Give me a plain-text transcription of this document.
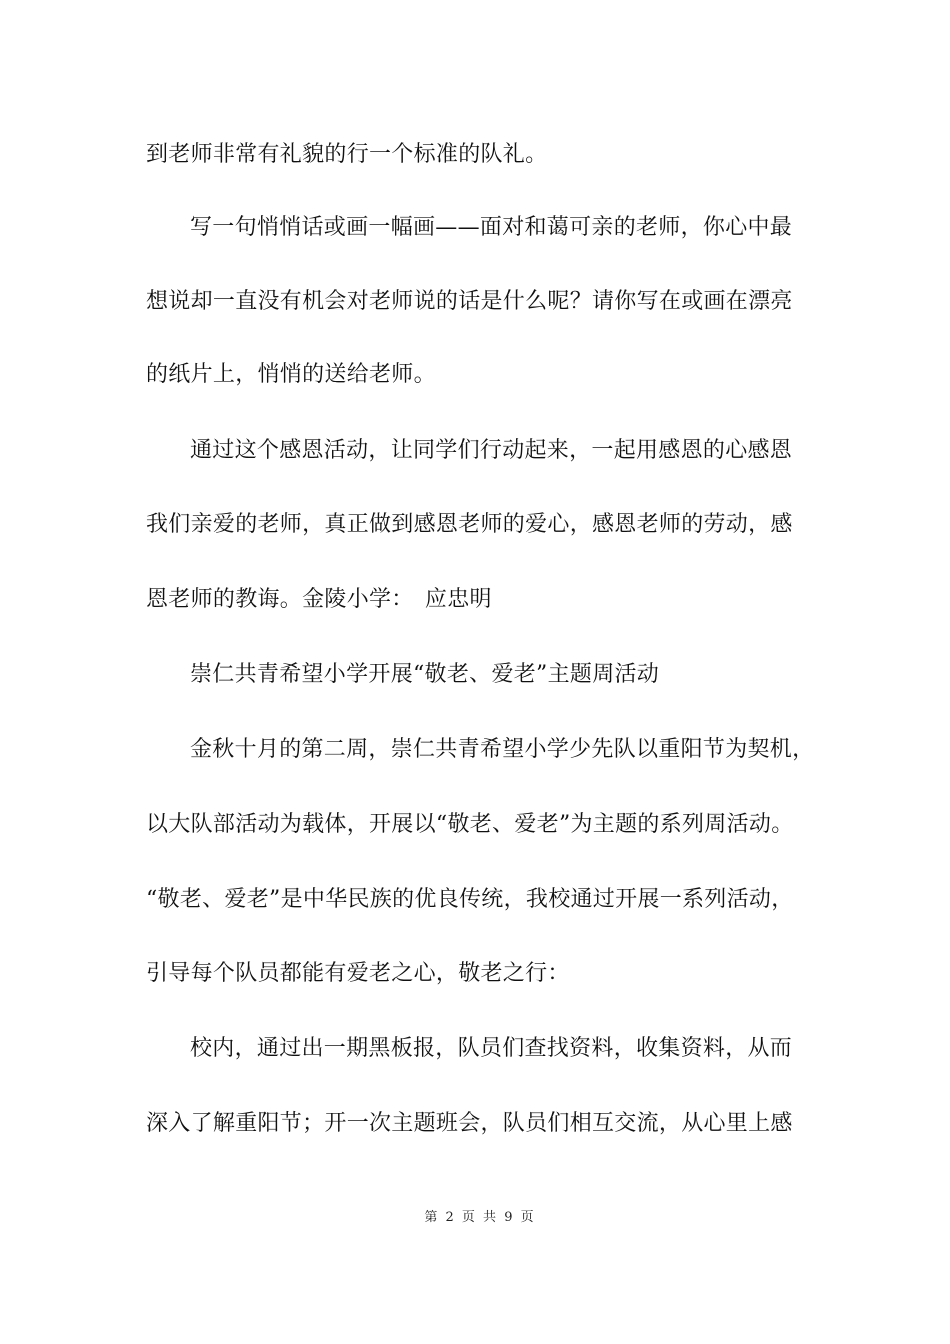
到老师非常有礼貌的行一个标准的队礼。
写一句悄悄话或画一幅画——面对和蔼可亲的老师，你心中最
想说却一直没有机会对老师说的话是什么呢？请你写在或画在漂亮
的纸片上，悄悄的送给老师。
通过这个感恩活动，让同学们行动起来，一起用感恩的心感恩
我们亲爱的老师，真正做到感恩老师的爱心，感恩老师的劳动，感
恩老师的教诲。金陵小学：　应忠明
崇仁共青希望小学开展“敬老、爱老”主题周活动
金秋十月的第二周，崇仁共青希望小学少先队以重阳节为契机，
以大队部活动为载体，开展以“敬老、爱老”为主题的系列周活动。
“敬老、爱老”是中华民族的优良传统，我校通过开展一系列活动，
引导每个队员都能有爱老之心，敬老之行：
校内，通过出一期黑板报，队员们查找资料，收集资料，从而
深入了解重阳节；开一次主题班会，队员们相互交流，从心里上感
第 2 页 共 9 页
